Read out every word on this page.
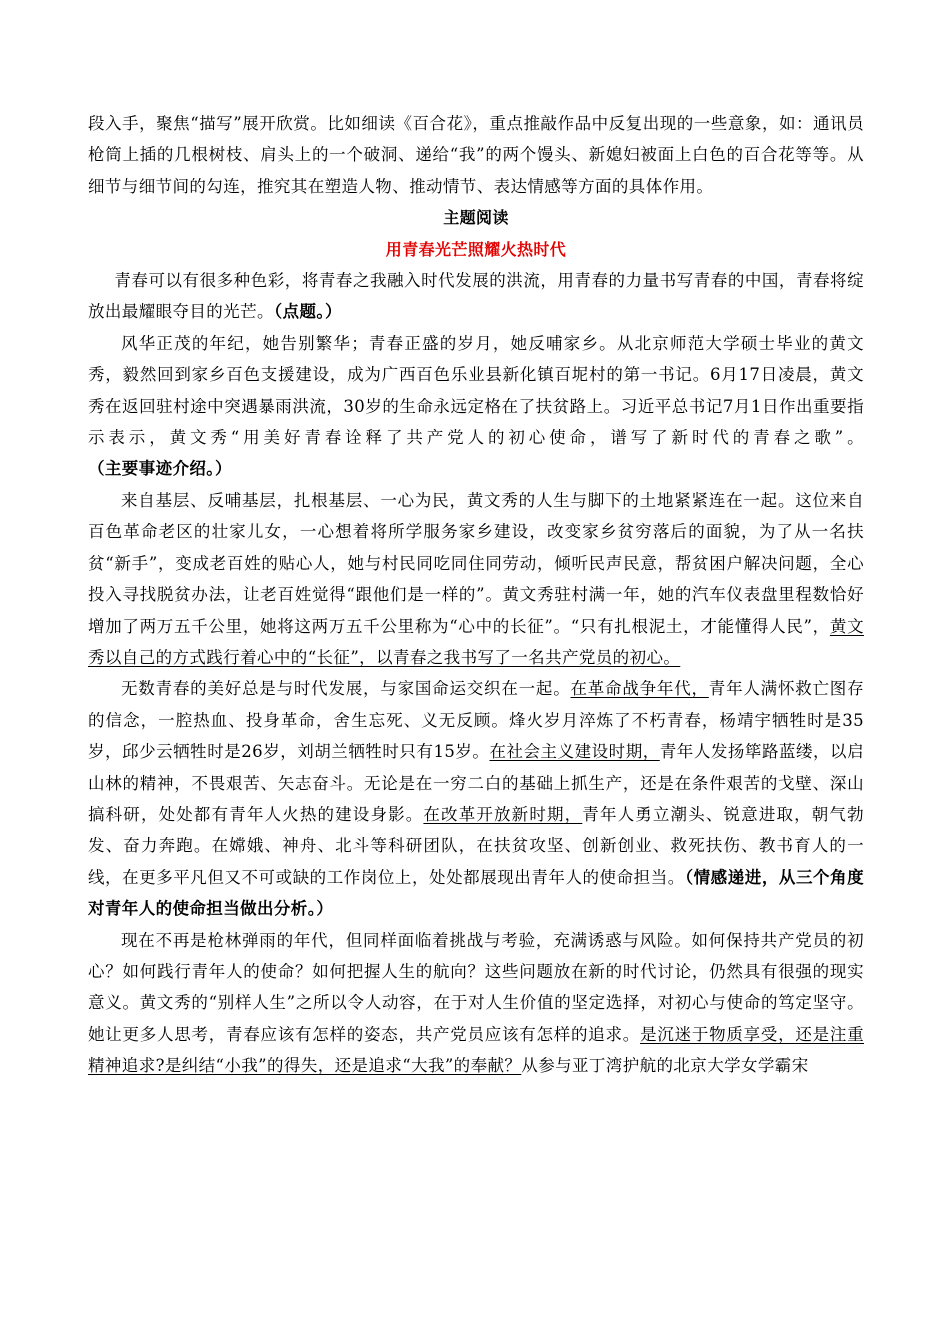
段入手，聚焦“描写”展开欣赏。比如细读《百合花》，重点推敲作品中反复出现的一些意象，如：通讯员枪筒上插的几根树枝、肩头上的一个破洞、递给“我”的两个馒头、新媳妇被面上白色的百合花等等。从细节与细节间的勾连，推究其在塑造人物、推动情节、表达情感等方面的具体作用。

主题阅读

用青春光芒照耀火热时代

青春可以有很多种色彩，将青春之我融入时代发展的洪流，用青春的力量书写青春的中国，青春将绽放出最耀眼夺目的光芒。（点题。）

风华正茂的年纪，她告别繁华；青春正盛的岁月，她反哺家乡。从北京师范大学硕士毕业的黄文秀，毅然回到家乡百色支援建设，成为广西百色乐业县新化镇百坭村的第一书记。6月17日凌晨，黄文秀在返回驻村途中突遇暴雨洪流，30岁的生命永远定格在了扶贫路上。习近平总书记7月1日作出重要指示表示，黄文秀“用美好青春诠释了共产党人的初心使命，谱写了新时代的青春之歌”。（主要事迹介绍。）

来自基层、反哺基层，扎根基层、一心为民，黄文秀的人生与脚下的土地紧紧连在一起。这位来自百色革命老区的壮家儿女，一心想着将所学服务家乡建设，改变家乡贫穷落后的面貌，为了从一名扶贫“新手”，变成老百姓的贴心人，她与村民同吃同住同劳动，倾听民声民意，帮贫困户解决问题，全心投入寻找脱贫办法，让老百姓觉得“跟他们是一样的”。黄文秀驻村满一年，她的汽车仪表盘里程数恰好增加了两万五千公里，她将这两万五千公里称为“心中的长征”。“只有扎根泥土，才能懂得人民”，黄文秀以自己的方式践行着心中的“长征”，以青春之我书写了一名共产党员的初心。

无数青春的美好总是与时代发展，与家国命运交织在一起。在革命战争年代，青年人满怀救亡图存的信念，一腔热血、投身革命，舍生忘死、义无反顾。烽火岁月淬炼了不朽青春，杨靖宇牺牲时是35岁，邱少云牺牲时是26岁，刘胡兰牺牲时只有15岁。在社会主义建设时期，青年人发扬筚路蓝缕，以启山林的精神，不畏艰苦、矢志奋斗。无论是在一穷二白的基础上抓生产，还是在条件艰苦的戈壁、深山搞科研，处处都有青年人火热的建设身影。在改革开放新时期，青年人勇立潮头、锐意进取，朝气勃发、奋力奔跑。在嫦娥、神舟、北斗等科研团队，在扶贫攻坚、创新创业、救死扶伤、教书育人的一线，在更多平凡但又不可或缺的工作岗位上，处处都展现出青年人的使命担当。（情感递进，从三个角度对青年人的使命担当做出分析。）

现在不再是枪林弹雨的年代，但同样面临着挑战与考验，充满诱惑与风险。如何保持共产党员的初心？如何践行青年人的使命？如何把握人生的航向？这些问题放在新的时代讨论，仍然具有很强的现实意义。黄文秀的“别样人生”之所以令人动容，在于对人生价值的坚定选择，对初心与使命的笃定坚守。她让更多人思考，青春应该有怎样的姿态，共产党员应该有怎样的追求。是沉迷于物质享受，还是注重精神追求?是纠结“小我”的得失，还是追求“大我”的奉献？从参与亚丁湾护航的北京大学女学霸宋
